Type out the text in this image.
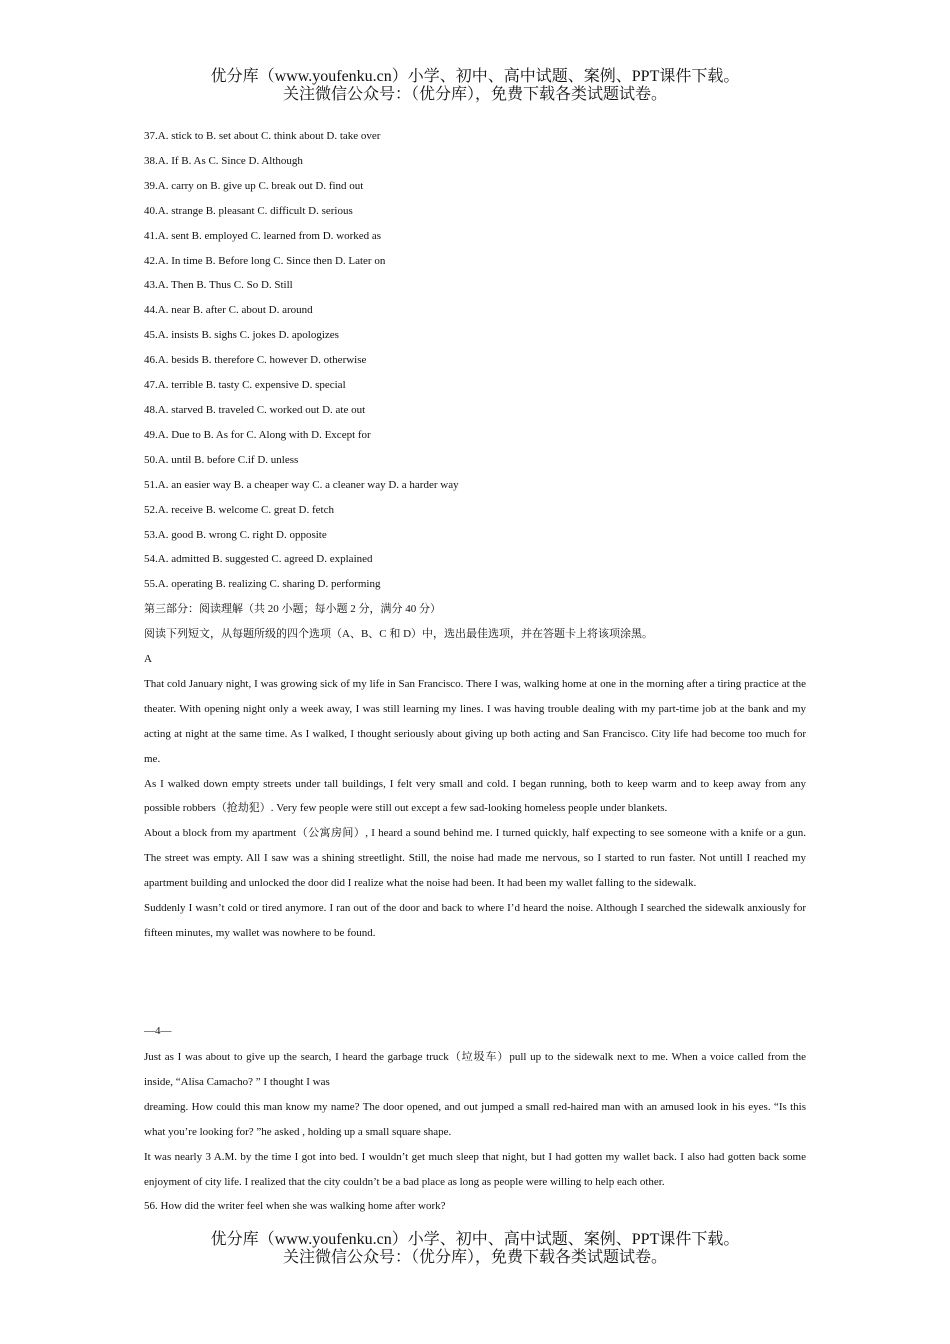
优分库（www.youfenku.cn）小学、初中、高中试题、案例、PPT课件下载。
关注微信公众号：（优分库），免费下载各类试题试卷。
37.A. stick to B. set about C. think about D. take over
38.A. If B. As C. Since D. Although
39.A. carry on B. give up C. break out D. find out
40.A. strange B. pleasant C. difficult D. serious
41.A. sent B. employed C. learned from D. worked as
42.A. In time B. Before long C. Since then D. Later on
43.A. Then B. Thus C. So D. Still
44.A. near B. after C. about D. around
45.A. insists B. sighs C. jokes D. apologizes
46.A. besids B. therefore C. however D. otherwise
47.A. terrible B. tasty C. expensive D. special
48.A. starved B. traveled C. worked out D. ate out
49.A. Due to B. As for C. Along with D. Except for
50.A. until B. before C.if D. unless
51.A. an easier way B. a cheaper way C. a cleaner way D. a harder way
52.A. receive B. welcome C. great D. fetch
53.A. good B. wrong C. right D. opposite
54.A. admitted B. suggested C. agreed D. explained
55.A. operating B. realizing C. sharing D. performing
第三部分：阅读理解（共 20 小题；每小题 2 分，满分 40 分）
阅读下列短文，从每题所级的四个选项（A、B、C 和 D）中，选出最佳选项，并在答题卡上将该项涂黑。
A
That cold January night, I was growing sick of my life in San Francisco. There I was, walking home at one in the morning after a tiring practice at the theater. With opening night only a week away, I was still learning my lines. I was having trouble dealing with my part-time job at the bank and my acting at night at the same time. As I walked, I thought seriously about giving up both acting and San Francisco. City life had become too much for me.
As I walked down empty streets under tall buildings, I felt very small and cold. I began running, both to keep warm and to keep away from any possible robbers（抢劫犯）. Very few people were still out except a few sad-looking homeless people under blankets.
About a block from my apartment（公寓房间）, I heard a sound behind me. I turned quickly, half expecting to see someone with a knife or a gun. The street was empty. All I saw was a shining streetlight. Still, the noise had made me nervous, so I started to run faster. Not untill I reached my apartment building and unlocked the door did I realize what the noise had been. It had been my wallet falling to the sidewalk.
Suddenly I wasn’t cold or tired anymore. I ran out of the door and back to where I’d heard the noise. Although I searched the sidewalk anxiously for fifteen minutes, my wallet was nowhere to be found.
—4—
Just as I was about to give up the search, I heard the garbage truck（垃圾车）pull up to the sidewalk next to me. When a voice called from the inside, “Alisa Camacho? ” I thought I was
dreaming. How could this man know my name? The door opened, and out jumped a small red-haired man with an amused look in his eyes. “Is this what you’re looking for? ”he asked , holding up a small square shape.
It was nearly 3 A.M. by the time I got into bed. I wouldn’t get much sleep that night, but I had gotten my wallet back. I also had gotten back some enjoyment of city life. I realized that the city couldn’t be a bad place as long as people were willing to help each other.
56. How did the writer feel when she was walking home after work?
优分库（www.youfenku.cn）小学、初中、高中试题、案例、PPT课件下载。
关注微信公众号：（优分库），免费下载各类试题试卷。
